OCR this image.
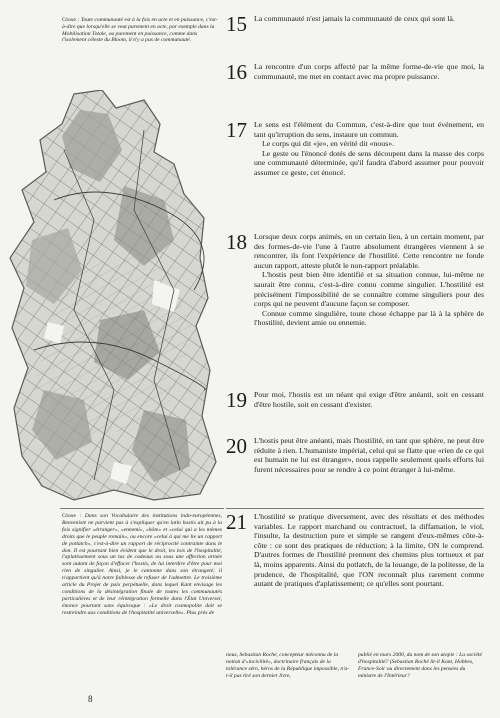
Glose : Toute communauté est à la fois en acte et en puissance, c'est-à-dire que lorsqu'elle se veut purement en acte, par exemple dans la Mobilisation Totale, ou purement en puissance, comme dans l'isolement céleste du Bloom, il n'y a pas de communauté.
15 La communauté n'est jamais la communauté de ceux qui sont là.

16 La rencontre d'un corps affecté par la même forme-de-vie que moi, la communauté, me met en contact avec ma propre puissance.

17 Le sens est l'élément du Commun, c'est-à-dire que tout événement, en tant qu'irruption du sens, instaure un commun.

Le corps qui dit «je», en vérité dit «nous».

Le geste ou l'énoncé dotés de sens découpent dans la masse des corps une communauté déterminée, qu'il faudra d'abord assumer pour pouvoir assumer ce geste, cet énoncé.

18 Lorsque deux corps animés, en un certain lieu, à un certain moment, par des formes-de-vie l'une à l'autre absolument étrangères viennent à se rencontrer, ils font l'expérience de l'hostilité. Cette rencontre ne fonde aucun rapport, atteste plutôt le non-rapport préalable.

L'hostis peut bien être identifié et sa situation connue, lui-même ne saurait être connu, c'est-à-dire connu comme singulier. L'hostilité est précisément l'impossibilité de se connaître comme singuliers pour des corps qui ne peuvent d'aucune façon se composer.

Connue comme singulière, toute chose échappe par là à la sphère de l'hostilité, devient amie ou ennemie.

19 Pour moi, l'hostis est un néant qui exige d'être anéanti, soit en cessant d'être hostile, soit en cessant d'exister.

20 L'hostis peut être anéanti, mais l'hostilité, en tant que sphère, ne peut être réduite à rien. L'humaniste impérial, celui qui se flatte que «rien de ce qui est humain ne lui est étranger», nous rappelle seulement quels efforts lui furent nécessaires pour se rendre à ce point étranger à lui-même.

21 L'hostilité se pratique diversement, avec des résultats et des méthodes variables. Le rapport marchand ou contractuel, la diffamation, le viol, l'insulte, la destruction pure et simple se rangent d'eux-mêmes côte-à-côte : ce sont des pratiques de réduction; à la limite, ON le comprend. D'autres formes de l'hostilité prennent des chemins plus tortueux et par là, moins apparents. Ainsi du potlatch, de la louange, de la politesse, de la prudence, de l'hospitalité, que l'ON reconnaît plus rarement comme autant de pratiques d'aplatissement; ce qu'elles sont pourtant.

Glose : Dans son Vocabulaire des institutions indo-européennes, Benveniste ne parvient pas à s'expliquer qu'en latin hostis ait pu à la fois signifier «étranger», «ennemi», «hôte» et «celui qui a les mêmes droits que le peuple romain», ou encore «celui à qui me lie un rapport de potlatch», c'est-à-dire un rapport de réciprocité contrainte dans le don. Il est pourtant bien évident que le droit, les lois de l'hospitalité, l'aplatissement sous un tas de cadeaux ou sous une affection armée sont autant de façon d'effacer l'hostis, de lui interdire d'être pour moi rien de singulier. Ainsi, je le cantonne dans son étrangeté; il n'appartient qu'à notre faiblesse de refuser de l'admettre. Le troisième article du Projet de paix perpétuelle, dans lequel Kant envisage les conditions de la désintégration finale de toutes les communautés particulières et de leur réintégration formelle dans l'État Universel, énonce pourtant sans équivoque : «Le droit cosmopolite doit se restreindre aux conditions de l'hospitalité universelle». Plus près de
nous, Sebastian Roché, concepteur méconnu de la notion d'«incivilité», doctrinaire français de la tolérance zéro, héros de la République impossible, n'a-t-il pas tiré son dernier livre,
publié en mars 2000, du nom de son utopie : La société d'hospitalité? (Sebastian Roché lit-il Kant, Hobbes, France-Soir ou directement dans les pensées du ministre de l'Intérieur?
8
